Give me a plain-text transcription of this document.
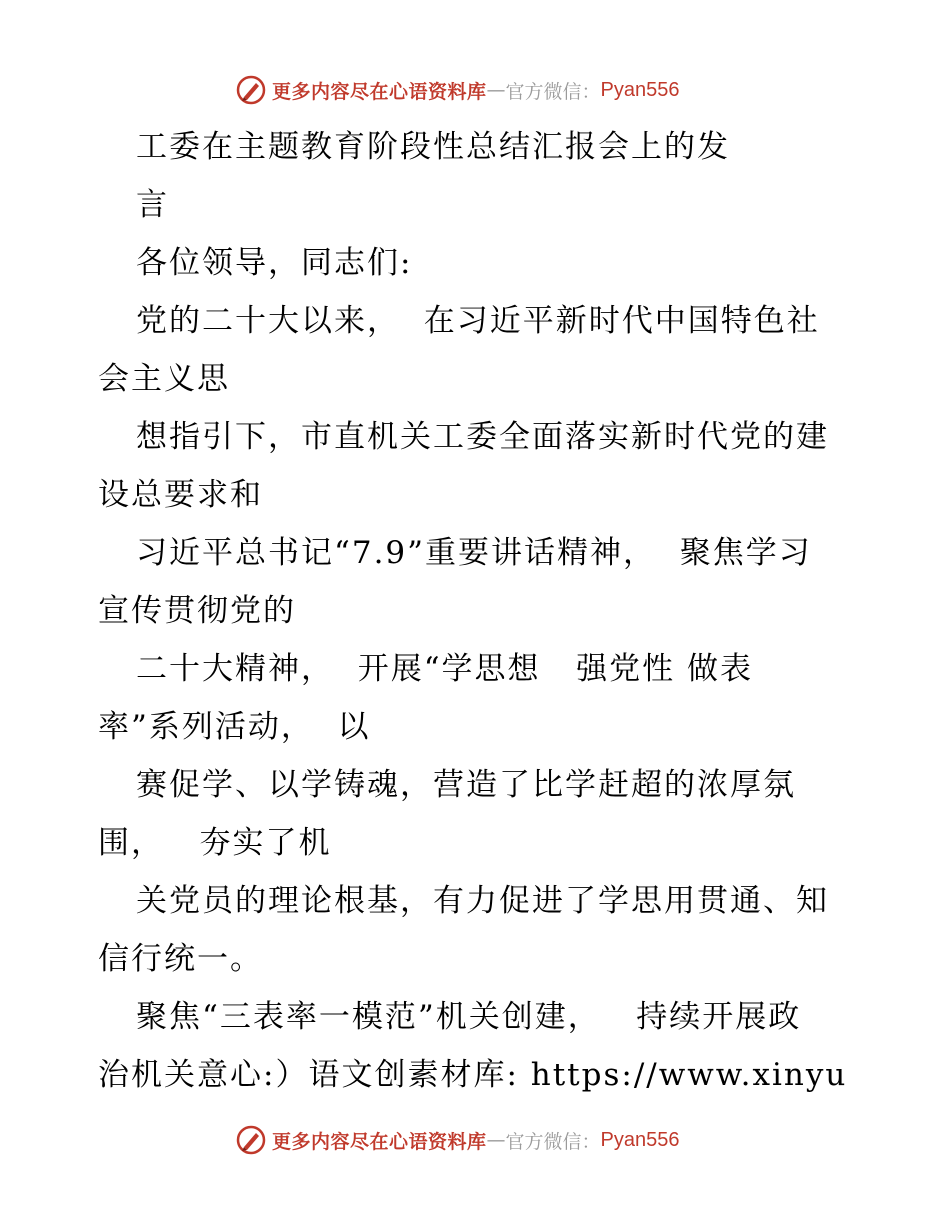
更多内容尽在心语资料库 — 官方微信： Pyan556
工委在主题教育阶段性总结汇报会上的发
言
各位领导，同志们:
党的二十大以来，  在习近平新时代中国特色社
会主义思
想指引下，市直机关工委全面落实新时代党的建
设总要求和
习近平总书记“7.9”重要讲话精神，  聚焦学习
宣传贯彻党的
二十大精神，  开展“学思想   强党性 做表
率”系列活动，  以
赛促学、以学铸魂，营造了比学赶超的浓厚氛
围，   夯实了机
关党员的理论根基，有力促进了学思用贯通、知
信行统一。
聚焦“三表率一模范”机关创建，   持续开展政
治机关意心:）语文创素材库: https://www.xinyu
更多内容尽在心语资料库 — 官方微信： Pyan556
